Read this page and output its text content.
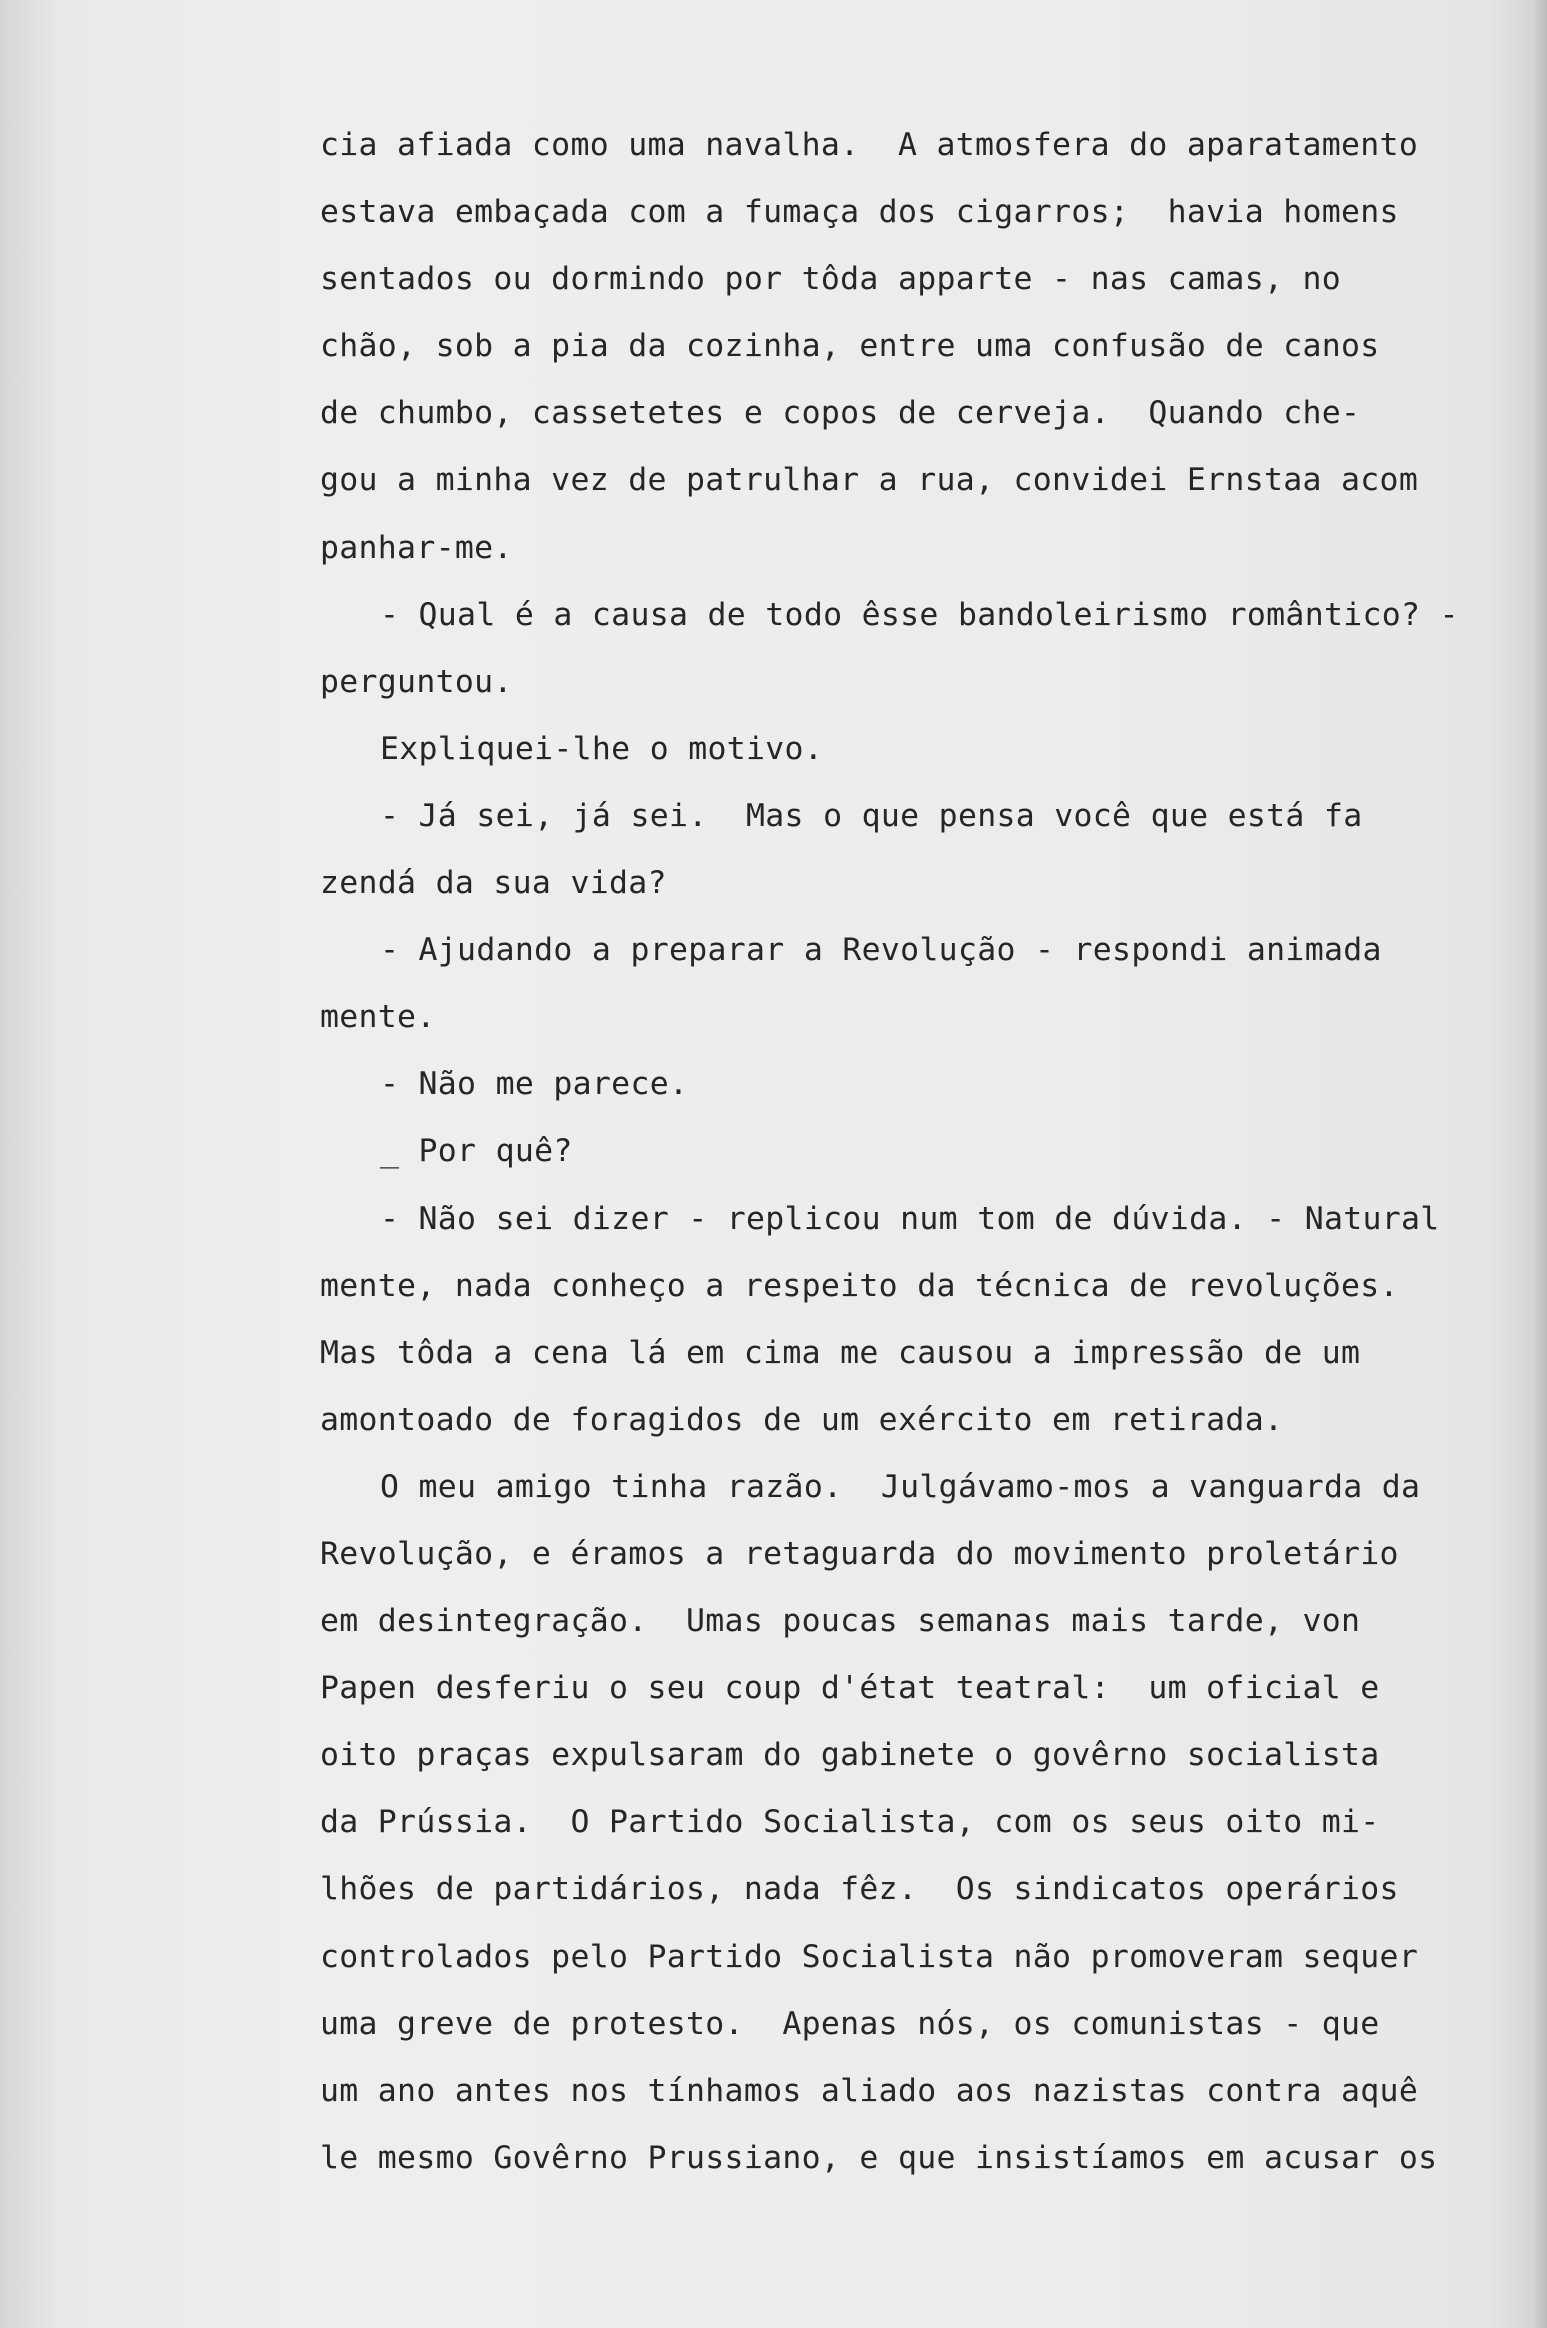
cia afiada como uma navalha.  A atmosfera do aparatamento
estava embaçada com a fumaça dos cigarros;  havia homens
sentados ou dormindo por tôda apparte - nas camas, no
chão, sob a pia da cozinha, entre uma confusão de canos
de chumbo, cassetetes e copos de cerveja.  Quando che-
gou a minha vez de patrulhar a rua, convidei Ernstaa acom
panhar-me.
- Qual é a causa de todo êsse bandoleirismo romântico? -
perguntou.
Expliquei-lhe o motivo.
- Já sei, já sei.  Mas o que pensa você que está fa
zendá da sua vida?
- Ajudando a preparar a Revolução - respondi animada
mente.
- Não me parece.
_ Por quê?
- Não sei dizer - replicou num tom de dúvida. - Natural
mente, nada conheço a respeito da técnica de revoluções.
Mas tôda a cena lá em cima me causou a impressão de um
amontoado de foragidos de um exército em retirada.
O meu amigo tinha razão.  Julgávamo-mos a vanguarda da
Revolução, e éramos a retaguarda do movimento proletário
em desintegração.  Umas poucas semanas mais tarde, von
Papen desferiu o seu coup d'état teatral:  um oficial e
oito praças expulsaram do gabinete o govêrno socialista
da Prússia.  O Partido Socialista, com os seus oito mi-
lhões de partidários, nada fêz.  Os sindicatos operários
controlados pelo Partido Socialista não promoveram sequer
uma greve de protesto.  Apenas nós, os comunistas - que
um ano antes nos tínhamos aliado aos nazistas contra aquê
le mesmo Govêrno Prussiano, e que insistíamos em acusar os
